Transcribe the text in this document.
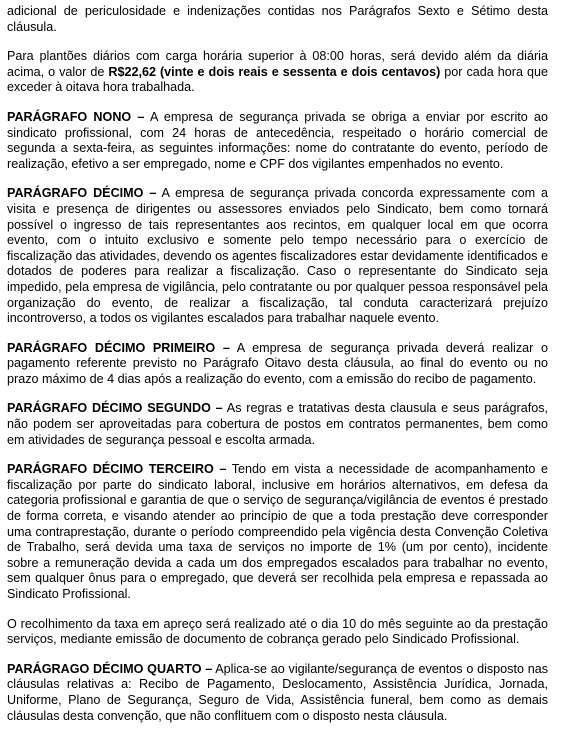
adicional de periculosidade e indenizações contidas nos Parágrafos Sexto e Sétimo desta cláusula.

Para plantões diários com carga horária superior à 08:00 horas, será devido além da diária acima, o valor de R$22,62 (vinte e dois reais e sessenta e dois centavos) por cada hora que exceder à oitava hora trabalhada.

PARÁGRAFO NONO – A empresa de segurança privada se obriga a enviar por escrito ao sindicato profissional, com 24 horas de antecedência, respeitado o horário comercial de segunda a sexta-feira, as seguintes informações: nome do contratante do evento, período de realização, efetivo a ser empregado, nome e CPF dos vigilantes empenhados no evento.

PARÁGRAFO DÉCIMO – A empresa de segurança privada concorda expressamente com a visita e presença de dirigentes ou assessores enviados pelo Sindicato, bem como tornará possível o ingresso de tais representantes aos recintos, em qualquer local em que ocorra evento, com o intuito exclusivo e somente pelo tempo necessário para o exercício de fiscalização das atividades, devendo os agentes fiscalizadores estar devidamente identificados e dotados de poderes para realizar a fiscalização. Caso o representante do Sindicato seja impedido, pela empresa de vigilância, pelo contratante ou por qualquer pessoa responsável pela organização do evento, de realizar a fiscalização, tal conduta caracterizará prejuízo incontroverso, a todos os vigilantes escalados para trabalhar naquele evento.

PARÁGRAFO DÉCIMO PRIMEIRO – A empresa de segurança privada deverá realizar o pagamento referente previsto no Parágrafo Oitavo desta cláusula, ao final do evento ou no prazo máximo de 4 dias após a realização do evento, com a emissão do recibo de pagamento.

PARÁGRAFO DÉCIMO SEGUNDO – As regras e tratativas desta clausula e seus parágrafos, não podem ser aproveitadas para cobertura de postos em contratos permanentes, bem como em atividades de segurança pessoal e escolta armada.

PARÁGRAFO DÉCIMO TERCEIRO – Tendo em vista a necessidade de acompanhamento e fiscalização por parte do sindicato laboral, inclusive em horários alternativos, em defesa da categoria profissional e garantia de que o serviço de segurança/vigilância de eventos é prestado de forma correta, e visando atender ao princípio de que a toda prestação deve corresponder uma contraprestação, durante o período compreendido pela vigência desta Convenção Coletiva de Trabalho, será devida uma taxa de serviços no importe de 1% (um por cento), incidente sobre a remuneração devida a cada um dos empregados escalados para trabalhar no evento, sem qualquer ônus para o empregado, que deverá ser recolhida pela empresa e repassada ao Sindicato Profissional.

O recolhimento da taxa em apreço será realizado até o dia 10 do mês seguinte ao da prestação serviços, mediante emissão de documento de cobrança gerado pelo Sindicado Profissional.

PARÁGRAGO DÉCIMO QUARTO – Aplica-se ao vigilante/segurança de eventos o disposto nas cláusulas relativas a: Recibo de Pagamento, Deslocamento, Assistência Jurídica, Jornada, Uniforme, Plano de Segurança, Seguro de Vida, Assistência funeral, bem como as demais cláusulas desta convenção, que não conflituem com o disposto nesta cláusula.
